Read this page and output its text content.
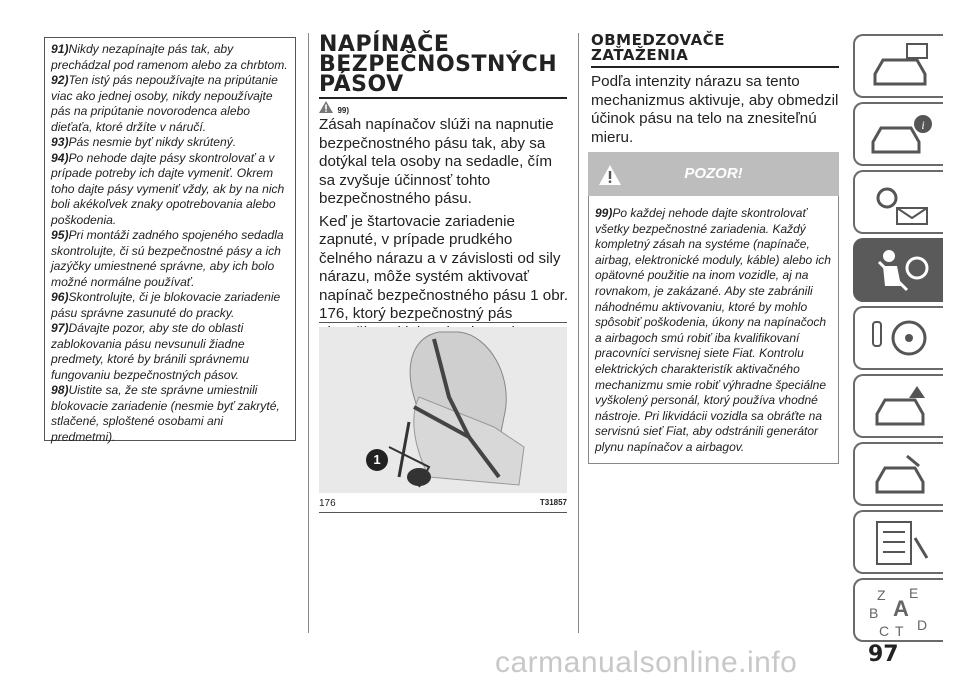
91)Nikdy nezapínajte pás tak, aby prechádzal pod ramenom alebo za chrbtom.

92)Ten istý pás nepoužívajte na pripútanie viac ako jednej osoby, nikdy nepoužívajte pás na pripútanie novorodenca alebo dieťaťa, ktoré držíte v náručí.

93)Pás nesmie byť nikdy skrútený.

94)Po nehode dajte pásy skontrolovať a v prípade potreby ich dajte vymeniť. Okrem toho dajte pásy vymeniť vždy, ak by na nich boli akékoľvek znaky opotrebovania alebo poškodenia.

95)Pri montáži zadného spojeného sedadla skontrolujte, či sú bezpečnostné pásy a ich jazýčky umiestnené správne, aby ich bolo možné normálne používať.

96)Skontrolujte, či je blokovacie zariadenie pásu správne zasunuté do pracky.

97)Dávajte pozor, aby ste do oblasti zablokovania pásu nevsunuli žiadne predmety, ktoré by bránili správnemu fungovaniu bezpečnostných pásov.

98)Uistite sa, že ste správne umiestnili blokovacie zariadenie (nesmie byť zakryté, stlačené, sploštené osobami ani predmetmi).

NAPÍNAČE
BEZPEČNOSTNÝCH
PÁSOV
99)

Zásah napínačov slúži na napnutie bezpečnostného pásu tak, aby sa dotýkal tela osoby na sedadle, čím sa zvyšuje účinnosť tohto bezpečnostného pásu.

Keď je štartovacie zariadenie zapnuté, v prípade prudkého čelného nárazu a v závislosti od sily nárazu, môže systém aktivovať napínač bezpečnostného pásu 1 obr. 176, ktorý bezpečnostný pás

1
176	T31857
OBMEDZOVAČE
ZAŤAŽENIA

Podľa intenzity nárazu sa tento mechanizmus aktivuje, aby obmedzil účinok pásu na telo na znesiteľnú mieru.

POZOR!

99)Po každej nehode dajte skontrolovať všetky bezpečnostné zariadenia. Každý kompletný zásah na systéme (napínače, airbag, elektronické moduly, káble) alebo ich opätovné použitie na inom vozidle, aj na rovnakom, je zakázané. Aby ste zabránili náhodnému aktivovaniu, ktoré by mohlo spôsobiť poškodenia, úkony na napínačoch a airbagoch smú robiť iba kvalifikovaní pracovníci servisnej siete Fiat. Kontrolu elektrických charakteristík aktivačného mechanizmu smie robiť výhradne špeciálne vyškolený personál, ktorý používa vhodné nástroje. Pri likvidácii vozidla sa obráťte na servisnú sieť Fiat, aby odstránili generátor plynu napínačov a airbagov.

i
Z E
B A
C T D
carmanualsonline.info	97
